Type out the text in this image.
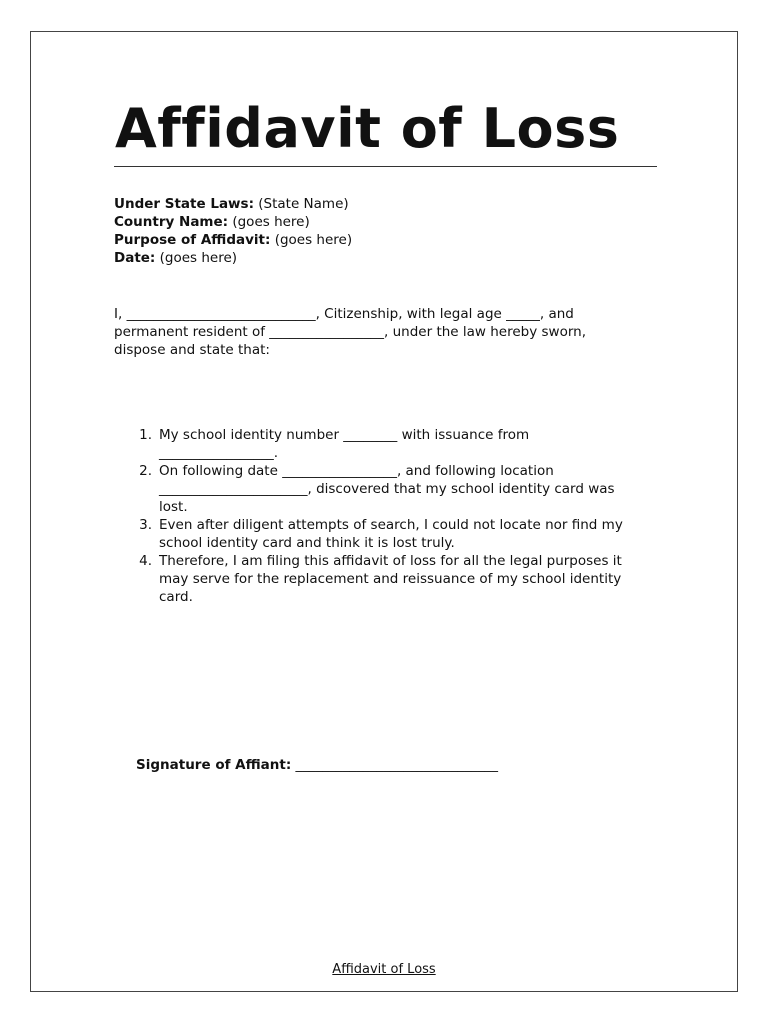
Affidavit of Loss
Under State Laws: (State Name)
Country Name: (goes here)
Purpose of Affidavit: (goes here)
Date: (goes here)

I, ____________________________, Citizenship, with legal age _____, and permanent resident of _________________, under the law hereby sworn, dispose and state that:

1. My school identity number ________ with issuance from _________________.
2. On following date _________________, and following location ______________________, discovered that my school identity card was lost.
3. Even after diligent attempts of search, I could not locate nor find my school identity card and think it is lost truly.
4. Therefore, I am filing this affidavit of loss for all the legal purposes it may serve for the replacement and reissuance of my school identity card.
Signature of Affiant: ______________________________
Affidavit of Loss
